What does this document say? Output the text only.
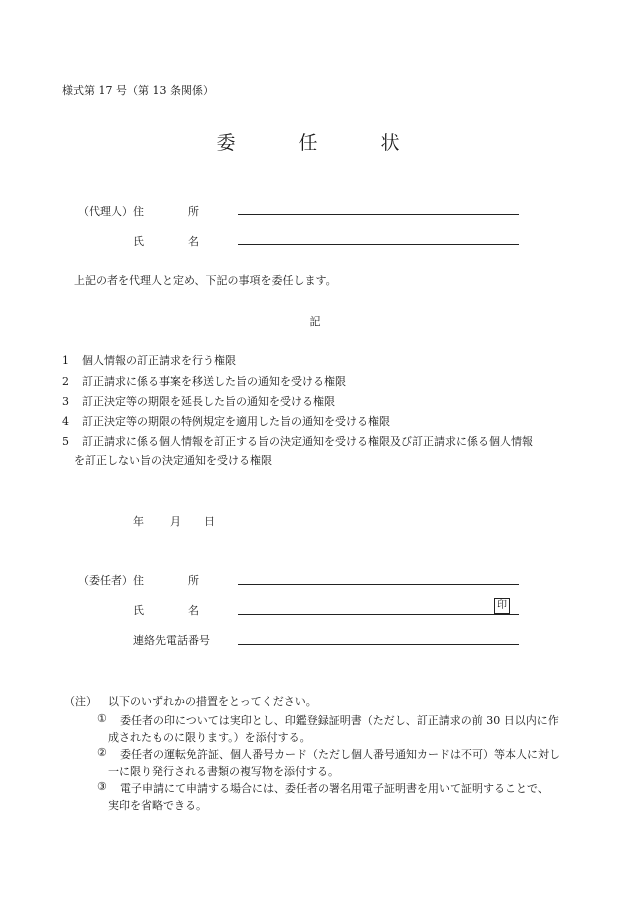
様式第 17 号（第 13 条関係）
委　任　状
（代理人） 住　　　　所
氏　　　　名
上記の者を代理人と定め、下記の事項を委任します。
記
1 個人情報の訂正請求を行う権限
2 訂正請求に係る事案を移送した旨の通知を受ける権限
3 訂正決定等の期限を延長した旨の通知を受ける権限
4 訂正決定等の期限の特例規定を適用した旨の通知を受ける権限
5 訂正請求に係る個人情報を訂正する旨の決定通知を受ける権限及び訂正請求に係る個人情報
を訂正しない旨の決定通知を受ける権限
年 月 日
（委任者） 住　　　　所
氏　　　　名	印
連絡先電話番号
（注） 以下のいずれかの措置をとってください。
① 委任者の印については実印とし、印鑑登録証明書（ただし、訂正請求の前 30 日以内に作
成されたものに限ります。）を添付する。
② 委任者の運転免許証、個人番号カード（ただし個人番号通知カードは不可）等本人に対し
一に限り発行される書類の複写物を添付する。
③ 電子申請にて申請する場合には、委任者の署名用電子証明書を用いて証明することで、
実印を省略できる。
